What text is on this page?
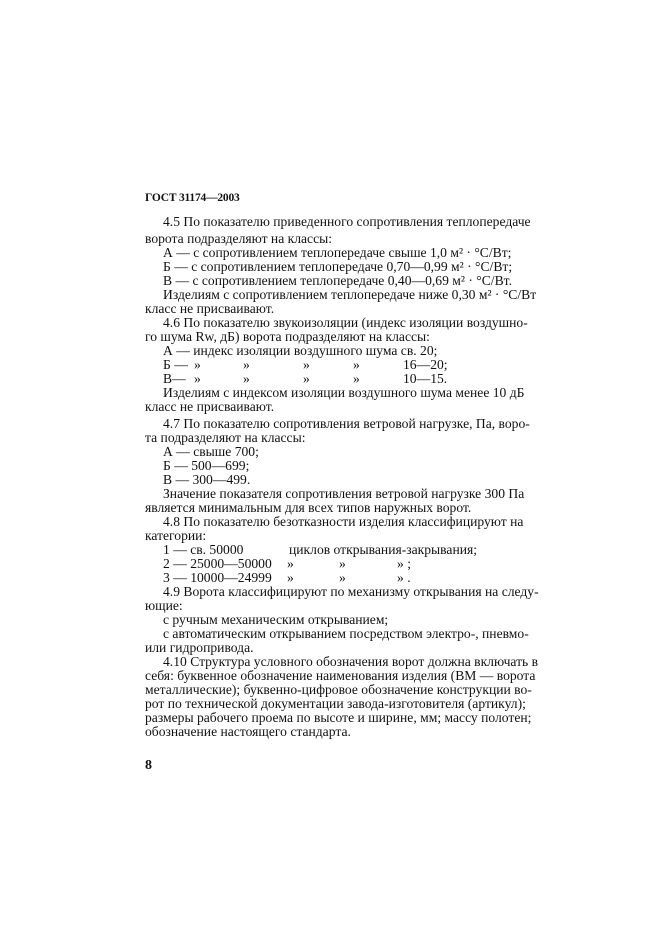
ГОСТ 31174—2003
4.5 По показателю приведенного сопротивления теплопередаче
ворота подразделяют на классы:
А — с сопротивлением теплопередаче свыше 1,0 м² · °С/Вт;
Б — с сопротивлением теплопередаче 0,70—0,99 м² · °С/Вт;
В — с сопротивлением теплопередаче 0,40—0,69 м² · °С/Вт.
Изделиям с сопротивлением теплопередаче ниже 0,30 м² · °С/Вт
класс не присваивают.
4.6 По показателю звукоизоляции (индекс изоляции воздушно-
го шума Rw, дБ) ворота подразделяют на классы:
А — индекс изоляции воздушного шума св. 20;
Б — »	»	»	»	16—20;
В— »	»	»	»	10—15.
Изделиям с индексом изоляции воздушного шума менее 10 дБ
класс не присваивают.
4.7 По показателю сопротивления ветровой нагрузке, Па, воро-
та подразделяют на классы:
А — свыше 700;
Б — 500—699;
В — 300—499.
Значение показателя сопротивления ветровой нагрузке 300 Па
является минимальным для всех типов наружных ворот.
4.8 По показателю безотказности изделия классифицируют на
категории:
1 — св. 50000	циклов открывания-закрывания;
2 — 25000—50000 »	»	» ;
3 — 10000—24999 »	»	» .
4.9 Ворота классифицируют по механизму открывания на следу-
ющие:
с ручным механическим открыванием;
с автоматическим открыванием посредством электро-, пневмо-
или гидропривода.
4.10 Структура условного обозначения ворот должна включать в
себя: буквенное обозначение наименования изделия (ВМ — ворота
металлические); буквенно-цифровое обозначение конструкции во-
рот по технической документации завода-изготовителя (артикул);
размеры рабочего проема по высоте и ширине, мм; массу полотен;
обозначение настоящего стандарта.
8
